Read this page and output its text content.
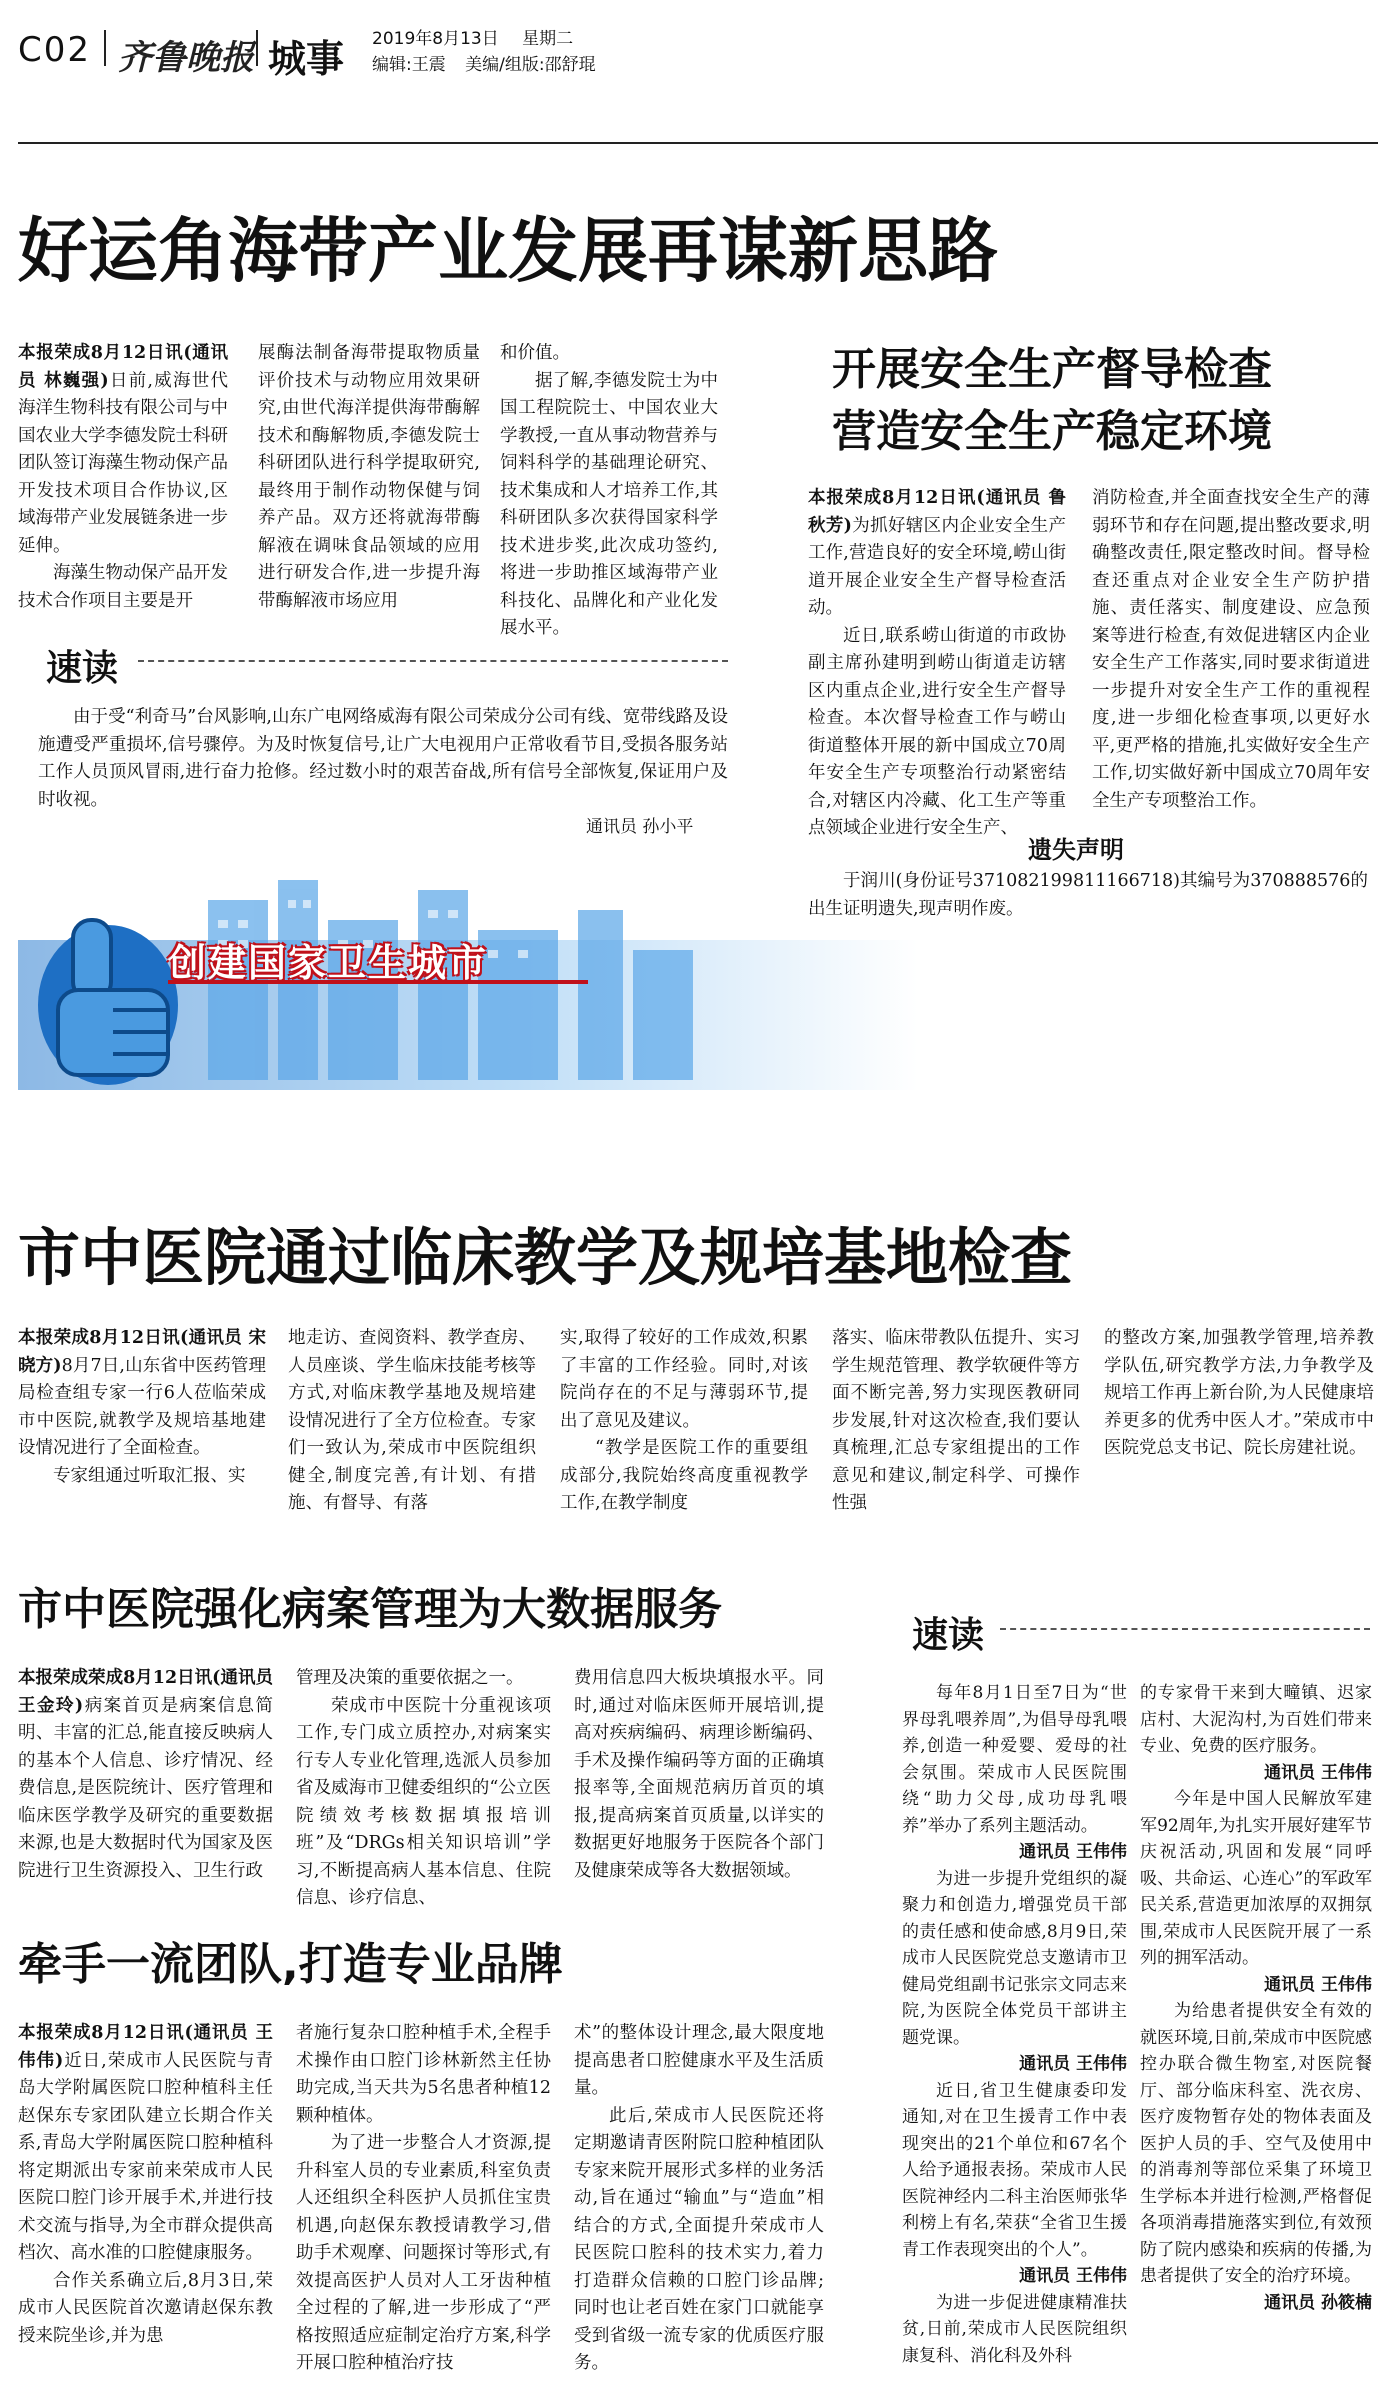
C02 齐鲁晚报 城事 2019年8月13日 星期二
编辑:王震 美编/组版:邵舒琨
好运角海带产业发展再谋新思路

本报荣成8月12日讯(通讯员 林巍强)日前,威海世代海洋生物科技有限公司与中国农业大学李德发院士科研团队签订海藻生物动保产品开发技术项目合作协议,区域海带产业发展链条进一步延伸。

海藻生物动保产品开发技术合作项目主要是开

展酶法制备海带提取物质量评价技术与动物应用效果研究,由世代海洋提供海带酶解技术和酶解物质,李德发院士科研团队进行科学提取研究,最终用于制作动物保健与饲养产品。双方还将就海带酶解液在调味食品领域的应用进行研发合作,进一步提升海带酶解液市场应用

和价值。

据了解,李德发院士为中国工程院院士、中国农业大学教授,一直从事动物营养与饲料科学的基础理论研究、技术集成和人才培养工作,其科研团队多次获得国家科学技术进步奖,此次成功签约,将进一步助推区域海带产业科技化、品牌化和产业化发展水平。

速读

由于受“利奇马”台风影响,山东广电网络威海有限公司荣成分公司有线、宽带线路及设施遭受严重损坏,信号骤停。为及时恢复信号,让广大电视用户正常收看节目,受损各服务站工作人员顶风冒雨,进行奋力抢修。经过数小时的艰苦奋战,所有信号全部恢复,保证用户及时收视。

通讯员 孙小平
开展安全生产督导检查
营造安全生产稳定环境

本报荣成8月12日讯(通讯员 鲁秋芳)为抓好辖区内企业安全生产工作,营造良好的安全环境,崂山街道开展企业安全生产督导检查活动。

近日,联系崂山街道的市政协副主席孙建明到崂山街道走访辖区内重点企业,进行安全生产督导检查。本次督导检查工作与崂山街道整体开展的新中国成立70周年安全生产专项整治行动紧密结合,对辖区内冷藏、化工生产等重点领域企业进行安全生产、

消防检查,并全面查找安全生产的薄弱环节和存在问题,提出整改要求,明确整改责任,限定整改时间。督导检查还重点对企业安全生产防护措施、责任落实、制度建设、应急预案等进行检查,有效促进辖区内企业安全生产工作落实,同时要求街道进一步提升对安全生产工作的重视程度,进一步细化检查事项,以更好水平,更严格的措施,扎实做好安全生产工作,切实做好新中国成立70周年安全生产专项整治工作。

遗失声明

于润川(身份证号371082199811166718)其编号为370888576的出生证明遗失,现声明作废。

创建国家卫生城市
市中医院通过临床教学及规培基地检查

本报荣成8月12日讯(通讯员 宋晓方)8月7日,山东省中医药管理局检查组专家一行6人莅临荣成市中医院,就教学及规培基地建设情况进行了全面检查。

专家组通过听取汇报、实

地走访、查阅资料、教学查房、人员座谈、学生临床技能考核等方式,对临床教学基地及规培建设情况进行了全方位检查。专家们一致认为,荣成市中医院组织健全,制度完善,有计划、有措施、有督导、有落

实,取得了较好的工作成效,积累了丰富的工作经验。同时,对该院尚存在的不足与薄弱环节,提出了意见及建议。

“教学是医院工作的重要组成部分,我院始终高度重视教学工作,在教学制度

落实、临床带教队伍提升、实习学生规范管理、教学软硬件等方面不断完善,努力实现医教研同步发展,针对这次检查,我们要认真梳理,汇总专家组提出的工作意见和建议,制定科学、可操作性强

的整改方案,加强教学管理,培养教学队伍,研究教学方法,力争教学及规培工作再上新台阶,为人民健康培养更多的优秀中医人才。”荣成市中医院党总支书记、院长房建社说。

市中医院强化病案管理为大数据服务

本报荣成荣成8月12日讯(通讯员 王金玲)病案首页是病案信息简明、丰富的汇总,能直接反映病人的基本个人信息、诊疗情况、经费信息,是医院统计、医疗管理和临床医学教学及研究的重要数据来源,也是大数据时代为国家及医院进行卫生资源投入、卫生行政

管理及决策的重要依据之一。

荣成市中医院十分重视该项工作,专门成立质控办,对病案实行专人专业化管理,选派人员参加省及威海市卫健委组织的“公立医院绩效考核数据填报培训班”及“DRGs相关知识培训”学习,不断提高病人基本信息、住院信息、诊疗信息、

费用信息四大板块填报水平。同时,通过对临床医师开展培训,提高对疾病编码、病理诊断编码、手术及操作编码等方面的正确填报率等,全面规范病历首页的填报,提高病案首页质量,以详实的数据更好地服务于医院各个部门及健康荣成等各大数据领域。

牵手一流团队,打造专业品牌

本报荣成8月12日讯(通讯员 王伟伟)近日,荣成市人民医院与青岛大学附属医院口腔种植科主任赵保东专家团队建立长期合作关系,青岛大学附属医院口腔种植科将定期派出专家前来荣成市人民医院口腔门诊开展手术,并进行技术交流与指导,为全市群众提供高档次、高水准的口腔健康服务。

合作关系确立后,8月3日,荣成市人民医院首次邀请赵保东教授来院坐诊,并为患

者施行复杂口腔种植手术,全程手术操作由口腔门诊林新然主任协助完成,当天共为5名患者种植12颗种植体。

为了进一步整合人才资源,提升科室人员的专业素质,科室负责人还组织全科医护人员抓住宝贵机遇,向赵保东教授请教学习,借助手术观摩、问题探讨等形式,有效提高医护人员对人工牙齿种植全过程的了解,进一步形成了“严格按照适应症制定治疗方案,科学开展口腔种植治疗技

术”的整体设计理念,最大限度地提高患者口腔健康水平及生活质量。

此后,荣成市人民医院还将定期邀请青医附院口腔种植团队专家来院开展形式多样的业务活动,旨在通过“输血”与“造血”相结合的方式,全面提升荣成市人民医院口腔科的技术实力,着力打造群众信赖的口腔门诊品牌;同时也让老百姓在家门口就能享受到省级一流专家的优质医疗服务。

速读

每年8月1日至7日为“世界母乳喂养周”,为倡导母乳喂养,创造一种爱婴、爱母的社会氛围。荣成市人民医院围绕“助力父母,成功母乳喂养”举办了系列主题活动。

通讯员 王伟伟

为进一步提升党组织的凝聚力和创造力,增强党员干部的责任感和使命感,8月9日,荣成市人民医院党总支邀请市卫健局党组副书记张宗文同志来院,为医院全体党员干部讲主题党课。

通讯员 王伟伟

近日,省卫生健康委印发通知,对在卫生援青工作中表现突出的21个单位和67名个人给予通报表扬。荣成市人民医院神经内二科主治医师张华利榜上有名,荣获“全省卫生援青工作表现突出的个人”。

通讯员 王伟伟

为进一步促进健康精准扶贫,日前,荣成市人民医院组织康复科、消化科及外科

的专家骨干来到大疃镇、迟家店村、大泥沟村,为百姓们带来专业、免费的医疗服务。

通讯员 王伟伟

今年是中国人民解放军建军92周年,为扎实开展好建军节庆祝活动,巩固和发展“同呼吸、共命运、心连心”的军政军民关系,营造更加浓厚的双拥氛围,荣成市人民医院开展了一系列的拥军活动。

通讯员 王伟伟

为给患者提供安全有效的就医环境,日前,荣成市中医院感控办联合微生物室,对医院餐厅、部分临床科室、洗衣房、医疗废物暂存处的物体表面及医护人员的手、空气及使用中的消毒剂等部位采集了环境卫生学标本并进行检测,严格督促各项消毒措施落实到位,有效预防了院内感染和疾病的传播,为患者提供了安全的治疗环境。

通讯员 孙筱楠
